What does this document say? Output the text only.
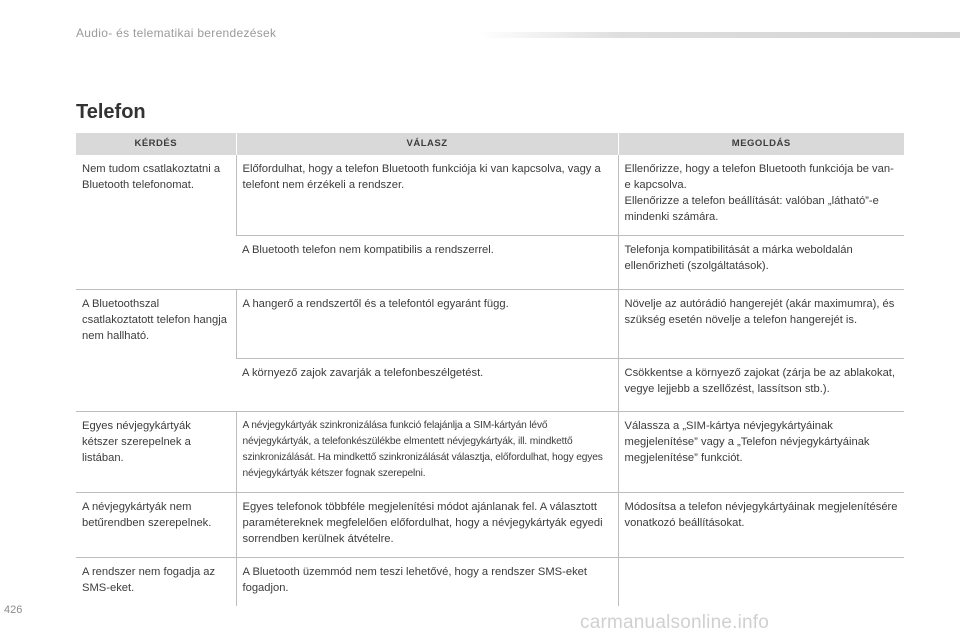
Audio- és telematikai berendezések
Telefon
KÉRDÉS	VÁLASZ	MEGOLDÁS
Nem tudom csatlakoztatni a Bluetooth telefonomat.	Előfordulhat, hogy a telefon Bluetooth funkciója ki van kapcsolva, vagy a telefont nem érzékeli a rendszer.	Ellenőrizze, hogy a telefon Bluetooth funkciója be van-e kapcsolva.
Ellenőrizze a telefon beállítását: valóban „látható”-e mindenki számára.

	A Bluetooth telefon nem kompatibilis a rendszerrel.	Telefonja kompatibilitását a márka weboldalán ellenőrizheti (szolgáltatások).

A Bluetoothszal csatlakoztatott telefon hangja nem hallható.	A hangerő a rendszertől és a telefontól egyaránt függ.	Növelje az autórádió hangerejét (akár maximumra), és szükség esetén növelje a telefon hangerejét is.

	A környező zajok zavarják a telefonbeszélgetést.	Csökkentse a környező zajokat (zárja be az ablakokat, vegye lejjebb a szellőzést, lassítson stb.).

Egyes névjegykártyák kétszer szerepelnek a listában.	A névjegykártyák szinkronizálása funkció felajánlja a SIM-kártyán lévő névjegykártyák, a telefonkészülékbe elmentett névjegykártyák, ill. mindkettő szinkronizálását. Ha mindkettő szinkronizálását választja, előfordulhat, hogy egyes névjegykártyák kétszer fognak szerepelni.	Válassza a „SIM-kártya névjegykártyáinak megjelenítése” vagy a „Telefon névjegykártyáinak megjelenítése” funkciót.

A névjegykártyák nem betűrendben szerepelnek.	Egyes telefonok többféle megjelenítési módot ajánlanak fel. A választott paramétereknek megfelelően előfordulhat, hogy a névjegykártyák egyedi sorrendben kerülnek átvételre.	Módosítsa a telefon névjegykártyáinak megjelenítésére vonatkozó beállításokat.

A rendszer nem fogadja az SMS-eket.	A Bluetooth üzemmód nem teszi lehetővé, hogy a rendszer SMS-eket fogadjon.	
426
carmanualsonline.info
